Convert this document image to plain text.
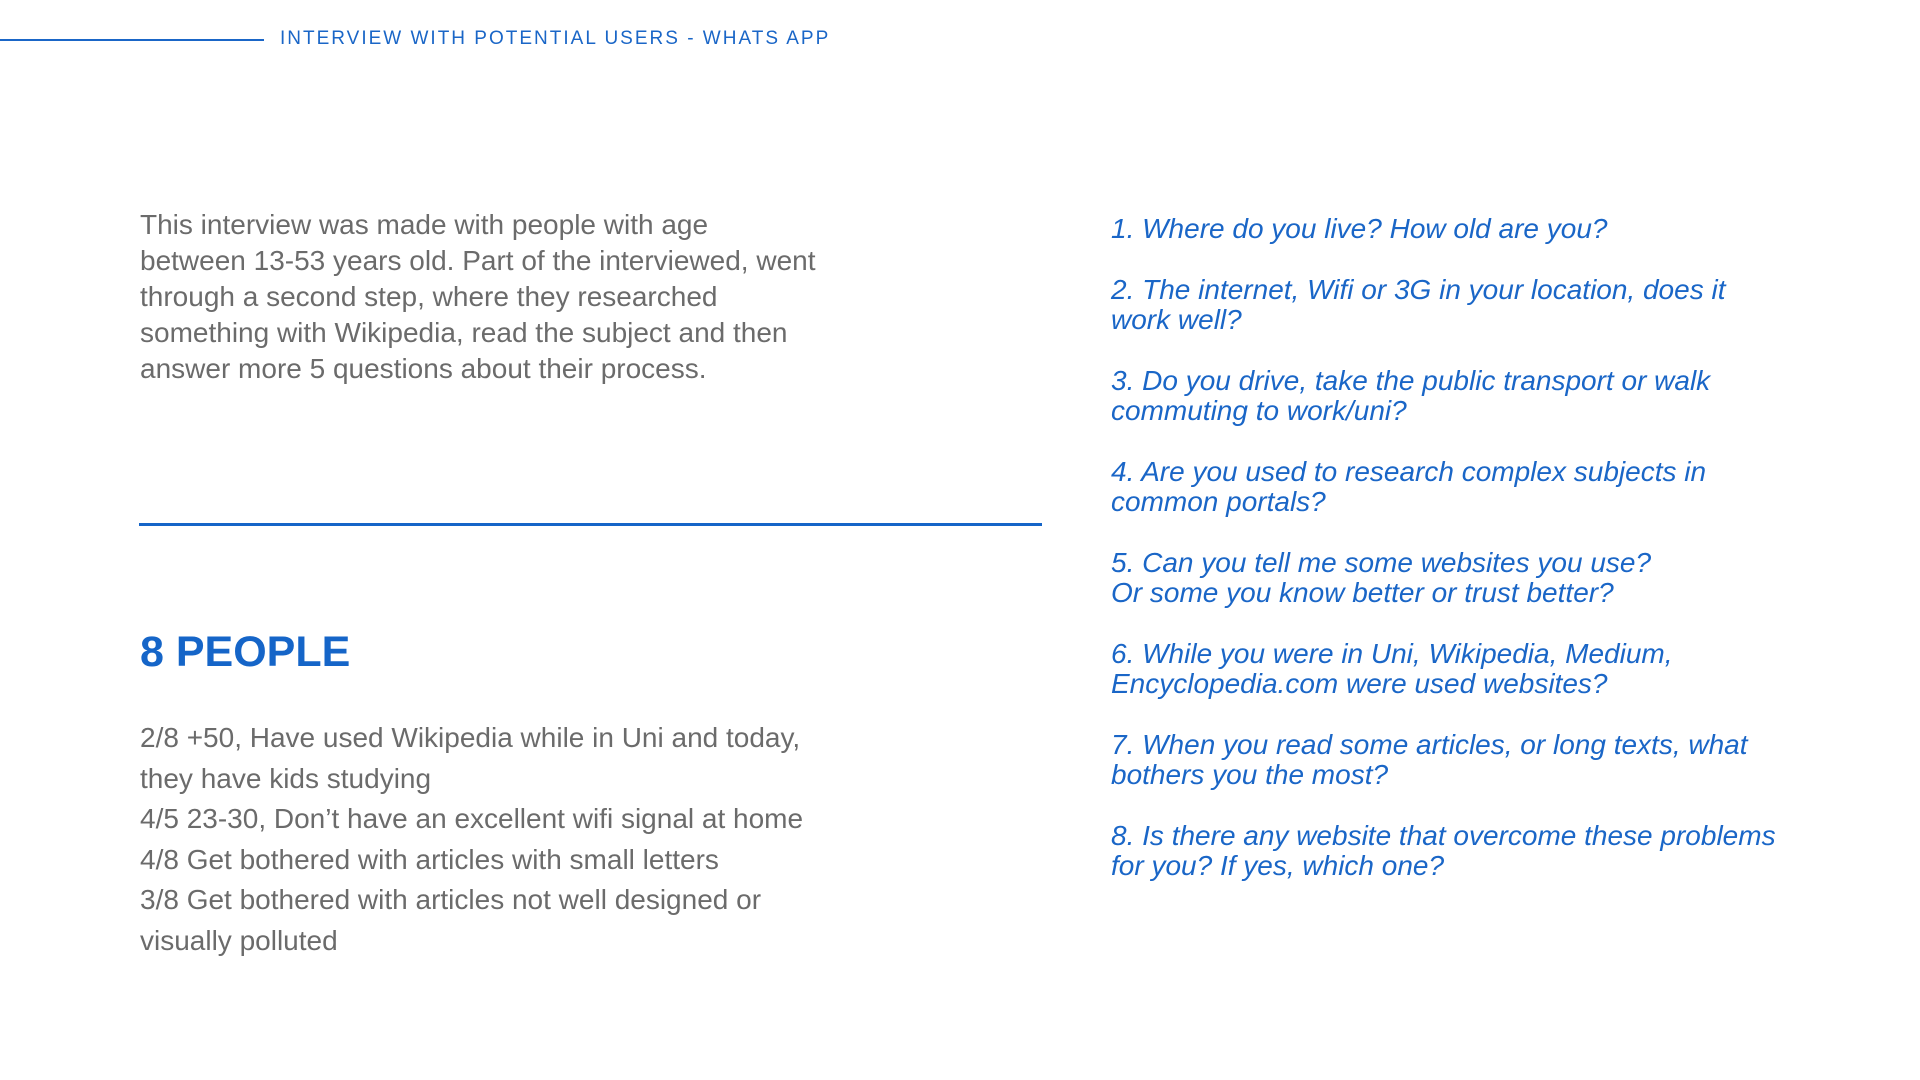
INTERVIEW WITH POTENTIAL USERS - WHATS APP

This interview was made with people with age between 13-53 years old. Part of the interviewed, went through a second step, where they researched something with Wikipedia, read the subject and then answer more 5 questions about their process.

8 PEOPLE
2/8 +50, Have used Wikipedia while in Uni and today, they have kids studying
4/5 23-30, Don’t have an excellent wifi signal at home
4/8 Get bothered with articles with small letters
3/8 Get bothered with articles not well designed or visually polluted
1. Where do you live? How old are you?
2. The internet, Wifi or 3G in your location, does it work well?
3. Do you drive, take the public transport or walk commuting to work/uni?
4. Are you used to research complex subjects in common portals?
5. Can you tell me some websites you use?
Or some you know better or trust better?
6. While you were in Uni, Wikipedia, Medium, Encyclopedia.com were used websites?
7. When you read some articles, or long texts, what bothers you the most?
8. Is there any website that overcome these problems for you? If yes, which one?
